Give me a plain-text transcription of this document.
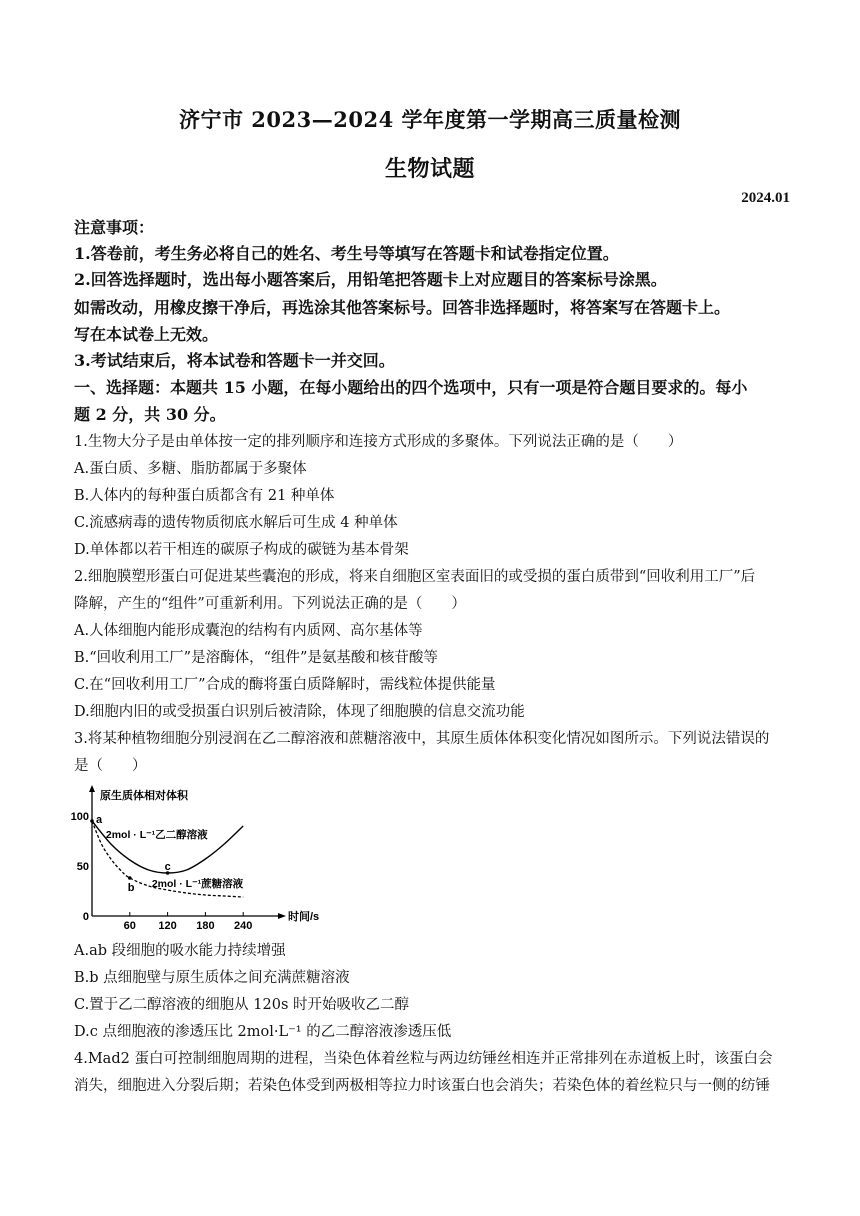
济宁市 2023—2024 学年度第一学期高三质量检测
生物试题
2024.01
注意事项：
1.答卷前，考生务必将自己的姓名、考生号等填写在答题卡和试卷指定位置。
2.回答选择题时，选出每小题答案后，用铅笔把答题卡上对应题目的答案标号涂黑。
如需改动，用橡皮擦干净后，再选涂其他答案标号。回答非选择题时，将答案写在答题卡上。
写在本试卷上无效。
3.考试结束后，将本试卷和答题卡一并交回。
一、选择题：本题共 15 小题，在每小题给出的四个选项中，只有一项是符合题目要求的。每小
题 2 分，共 30 分。
1.生物大分子是由单体按一定的排列顺序和连接方式形成的多聚体。下列说法正确的是（　　）
A.蛋白质、多糖、脂肪都属于多聚体
B.人体内的每种蛋白质都含有 21 种单体
C.流感病毒的遗传物质彻底水解后可生成 4 种单体
D.单体都以若干相连的碳原子构成的碳链为基本骨架
2.细胞膜塑形蛋白可促进某些囊泡的形成，将来自细胞区室表面旧的或受损的蛋白质带到“回收利用工厂”后
降解，产生的“组件”可重新利用。下列说法正确的是（　　）
A.人体细胞内能形成囊泡的结构有内质网、高尔基体等
B.“回收利用工厂”是溶酶体，“组件”是氨基酸和核苷酸等
C.在“回收利用工厂”合成的酶将蛋白质降解时，需线粒体提供能量
D.细胞内旧的或受损蛋白识别后被清除，体现了细胞膜的信息交流功能
3.将某种植物细胞分别浸润在乙二醇溶液和蔗糖溶液中，其原生质体体积变化情况如图所示。下列说法错误的
是（　　）
原生质体相对体积
时间/s
60 120 180 240
0
50
100
2mol · L⁻¹乙二醇溶液
2mol · L⁻¹蔗糖溶液
a
b
c
A.ab 段细胞的吸水能力持续增强
B.b 点细胞壁与原生质体之间充满蔗糖溶液
C.置于乙二醇溶液的细胞从 120s 时开始吸收乙二醇
D.c 点细胞液的渗透压比 2mol·L⁻¹ 的乙二醇溶液渗透压低
4.Mad2 蛋白可控制细胞周期的进程，当染色体着丝粒与两边纺锤丝相连并正常排列在赤道板上时，该蛋白会
消失，细胞进入分裂后期；若染色体受到两极相等拉力时该蛋白也会消失；若染色体的着丝粒只与一侧的纺锤
